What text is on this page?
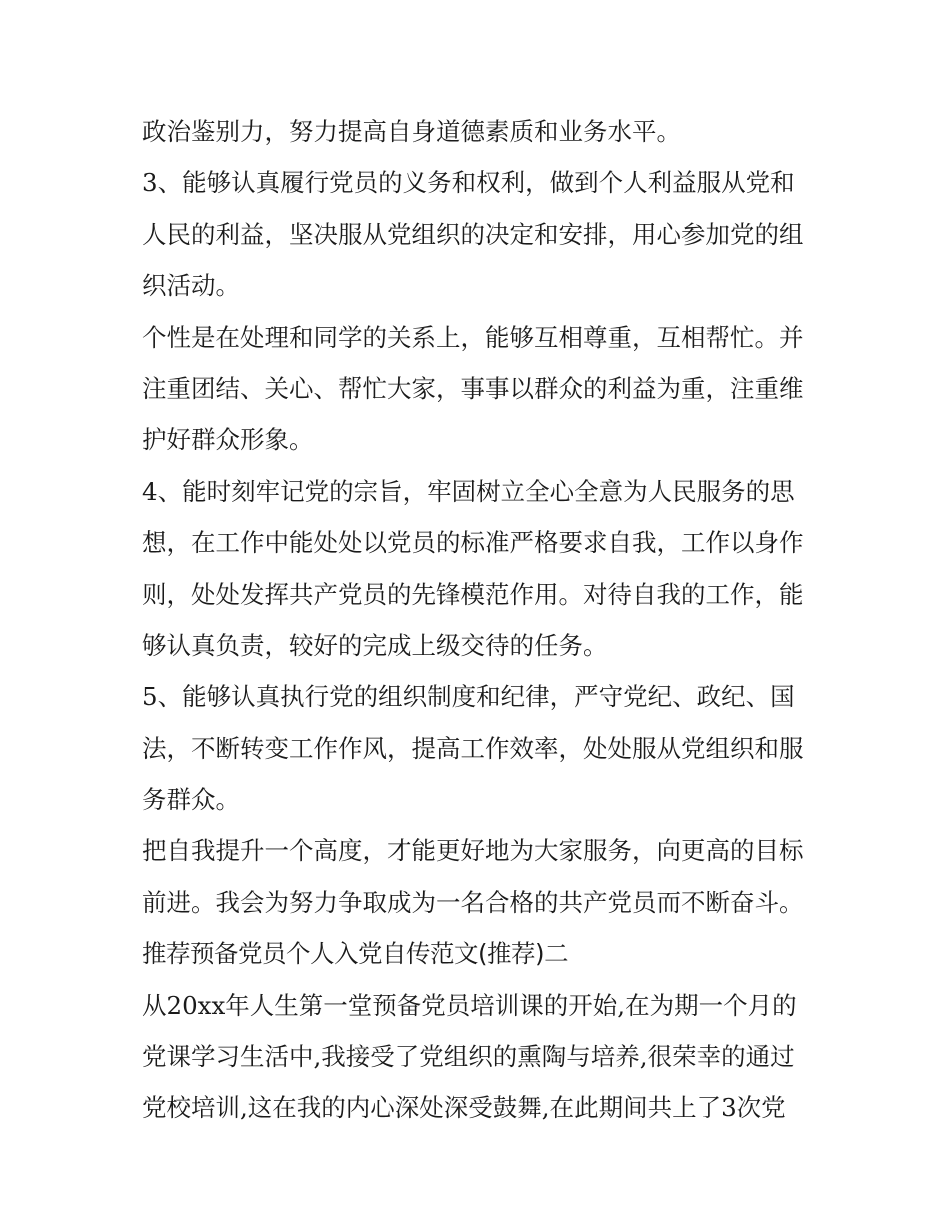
政治鉴别力，努力提高自身道德素质和业务水平。
3、能够认真履行党员的义务和权利，做到个人利益服从党和
人民的利益，坚决服从党组织的决定和安排，用心参加党的组
织活动。
个性是在处理和同学的关系上，能够互相尊重，互相帮忙。并
注重团结、关心、帮忙大家，事事以群众的利益为重，注重维
护好群众形象。
4、能时刻牢记党的宗旨，牢固树立全心全意为人民服务的思
想，在工作中能处处以党员的标准严格要求自我，工作以身作
则，处处发挥共产党员的先锋模范作用。对待自我的工作，能
够认真负责，较好的完成上级交待的任务。
5、能够认真执行党的组织制度和纪律，严守党纪、政纪、国
法，不断转变工作作风，提高工作效率，处处服从党组织和服
务群众。
把自我提升一个高度，才能更好地为大家服务，向更高的目标
前进。我会为努力争取成为一名合格的共产党员而不断奋斗。
推荐预备党员个人入党自传范文(推荐)二
从20xx年人生第一堂预备党员培训课的开始,在为期一个月的
党课学习生活中,我接受了党组织的熏陶与培养,很荣幸的通过
党校培训,这在我的内心深处深受鼓舞,在此期间共上了3次党
